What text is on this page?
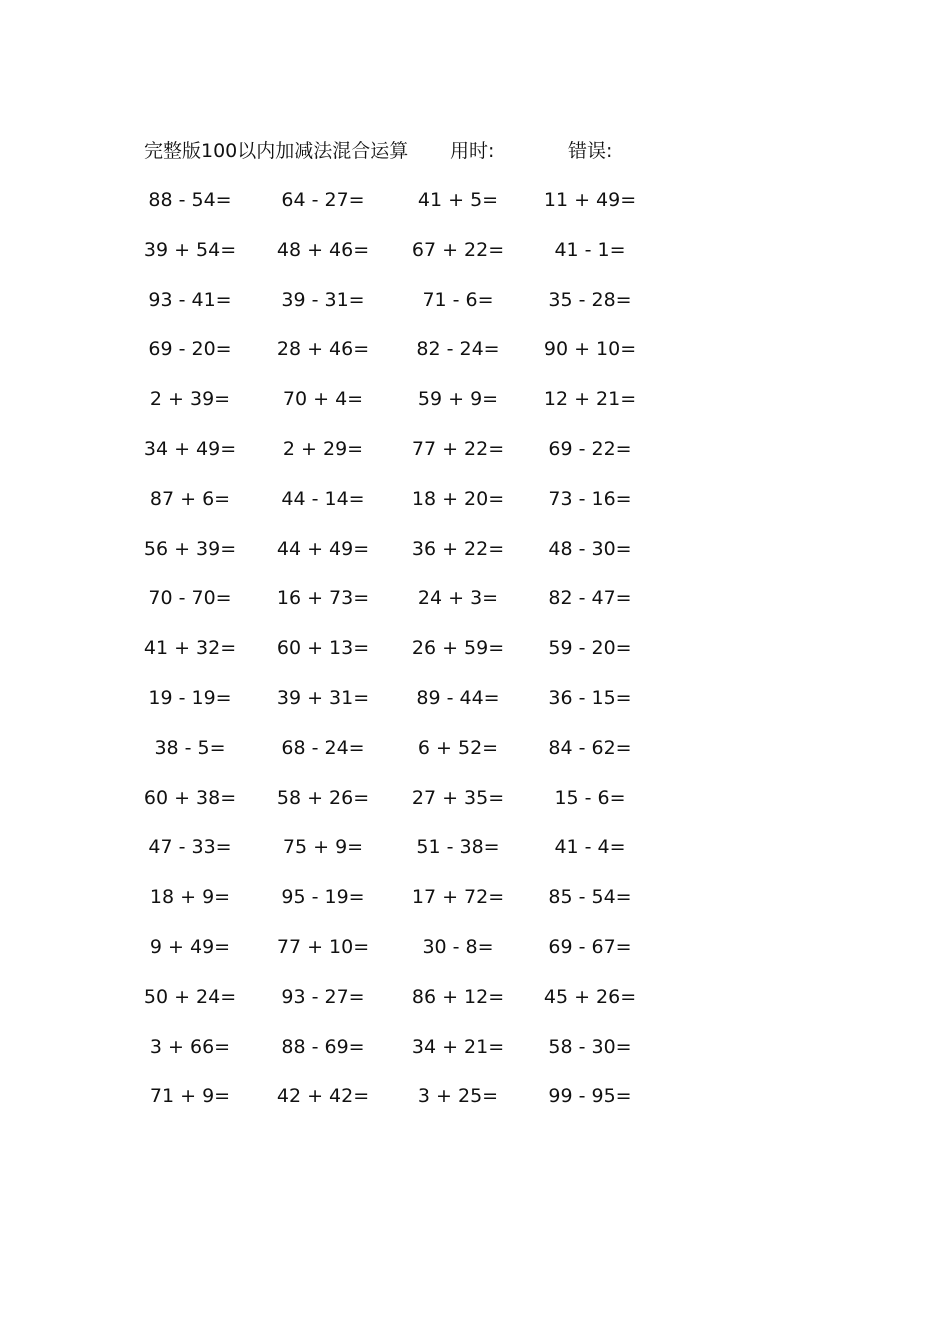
完整版100以内加减法混合运算 用时:	错误:
88 - 54=	64 - 27=	41 + 5=	11 + 49=
39 + 54=	48 + 46=	67 + 22=	41 - 1=
93 - 41=	39 - 31=	71 - 6=	35 - 28=
69 - 20=	28 + 46=	82 - 24=	90 + 10=
2 + 39=	70 + 4=	59 + 9=	12 + 21=
34 + 49=	2 + 29=	77 + 22=	69 - 22=
87 + 6=	44 - 14=	18 + 20=	73 - 16=
56 + 39=	44 + 49=	36 + 22=	48 - 30=
70 - 70=	16 + 73=	24 + 3=	82 - 47=
41 + 32=	60 + 13=	26 + 59=	59 - 20=
19 - 19=	39 + 31=	89 - 44=	36 - 15=
38 - 5=	68 - 24=	6 + 52=	84 - 62=
60 + 38=	58 + 26=	27 + 35=	15 - 6=
47 - 33=	75 + 9=	51 - 38=	41 - 4=
18 + 9=	95 - 19=	17 + 72=	85 - 54=
9 + 49=	77 + 10=	30 - 8=	69 - 67=
50 + 24=	93 - 27=	86 + 12=	45 + 26=
3 + 66=	88 - 69=	34 + 21=	58 - 30=
71 + 9=	42 + 42=	3 + 25=	99 - 95=
